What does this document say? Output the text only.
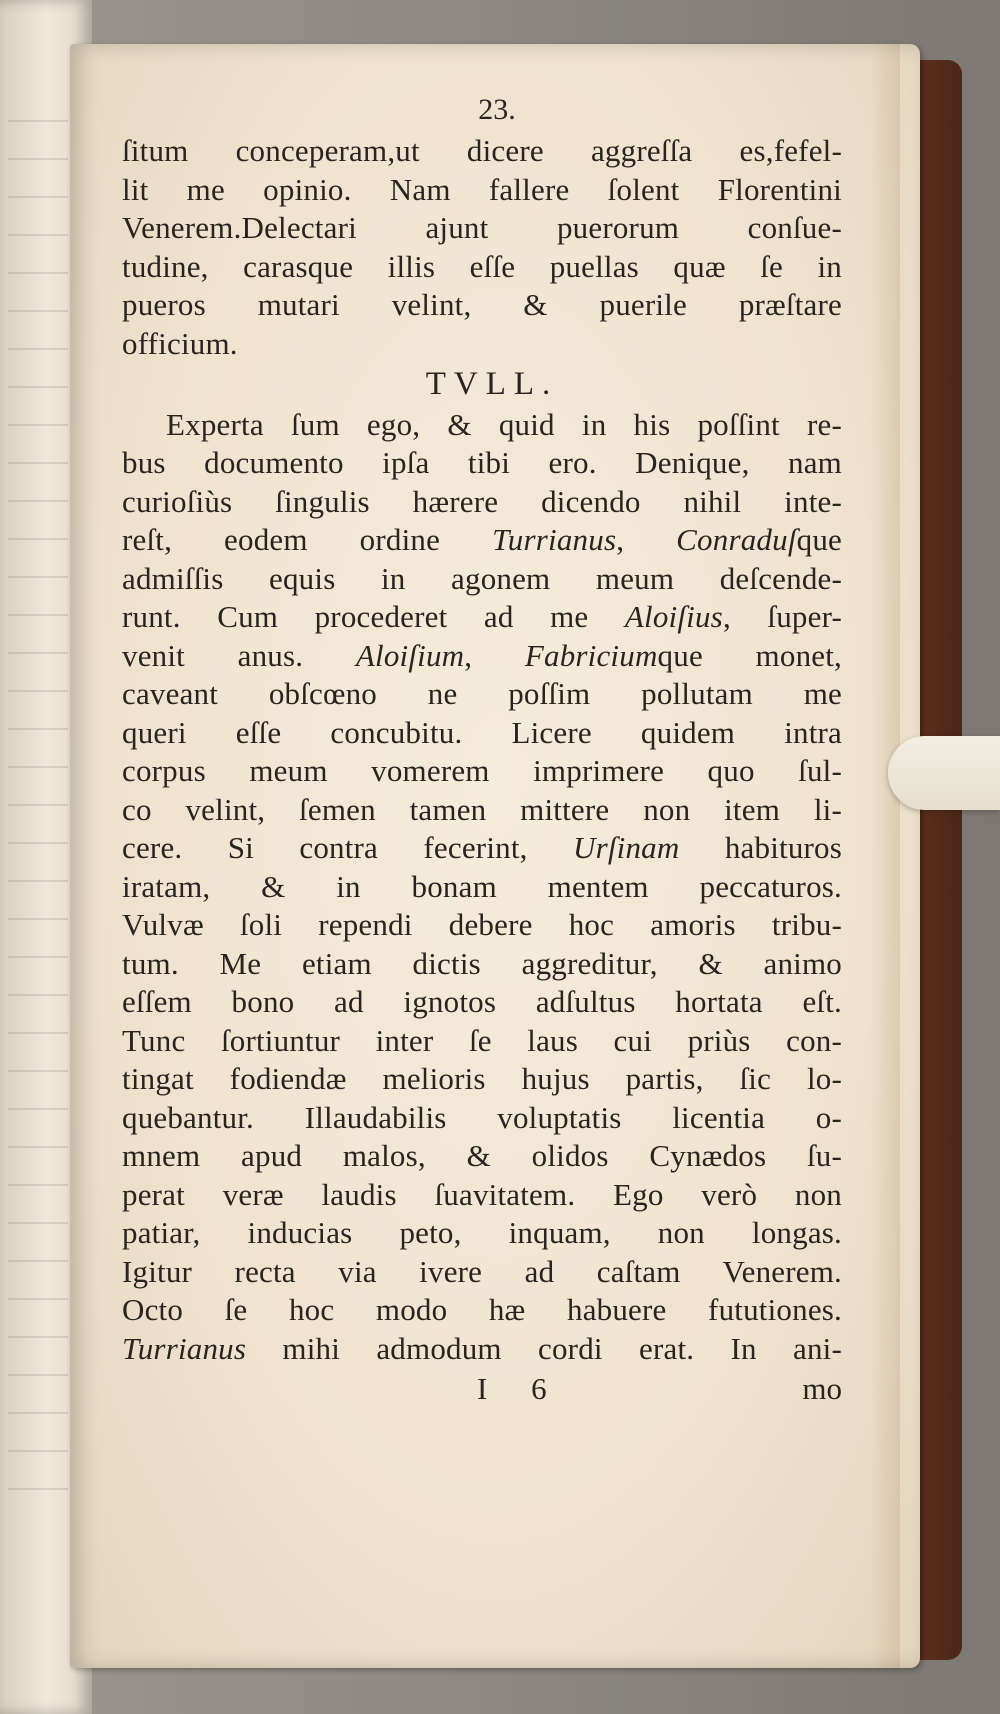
23.
ſitum conceperam,ut dicere aggreſſa es,fefel-
lit me opinio. Nam fallere ſolent Florentini
Venerem.Delectari ajunt puerorum conſue-
tudine, carasque illis eſſe puellas quæ ſe in
pueros mutari velint, & puerile præſtare
officium.
TVLL.
Experta ſum ego, & quid in his poſſint re-
bus documento ipſa tibi ero. Denique, nam
curioſiùs ſingulis hærere dicendo nihil inte-
reſt, eodem ordine Turrianus, Conraduſque
admiſſis equis in agonem meum deſcende-
runt. Cum procederet ad me Aloiſius, ſuper-
venit anus. Aloiſium, Fabriciumque monet,
caveant obſcœno ne poſſim pollutam me
queri eſſe concubitu. Licere quidem intra
corpus meum vomerem imprimere quo ſul-
co velint, ſemen tamen mittere non item li-
cere. Si contra fecerint, Urſinam habituros
iratam, & in bonam mentem peccaturos.
Vulvæ ſoli rependi debere hoc amoris tribu-
tum. Me etiam dictis aggreditur, & animo
eſſem bono ad ignotos adſultus hortata eſt.
Tunc ſortiuntur inter ſe laus cui priùs con-
tingat fodiendæ melioris hujus partis, ſic lo-
quebantur. Illaudabilis voluptatis licentia o-
mnem apud malos, & olidos Cynædos ſu-
perat veræ laudis ſuavitatem. Ego verò non
patiar, inducias peto, inquam, non longas.
Igitur recta via ivere ad caſtam Venerem.
Octo ſe hoc modo hæ habuere fututiones.
Turrianus mihi admodum cordi erat. In ani-
I 6	mo
